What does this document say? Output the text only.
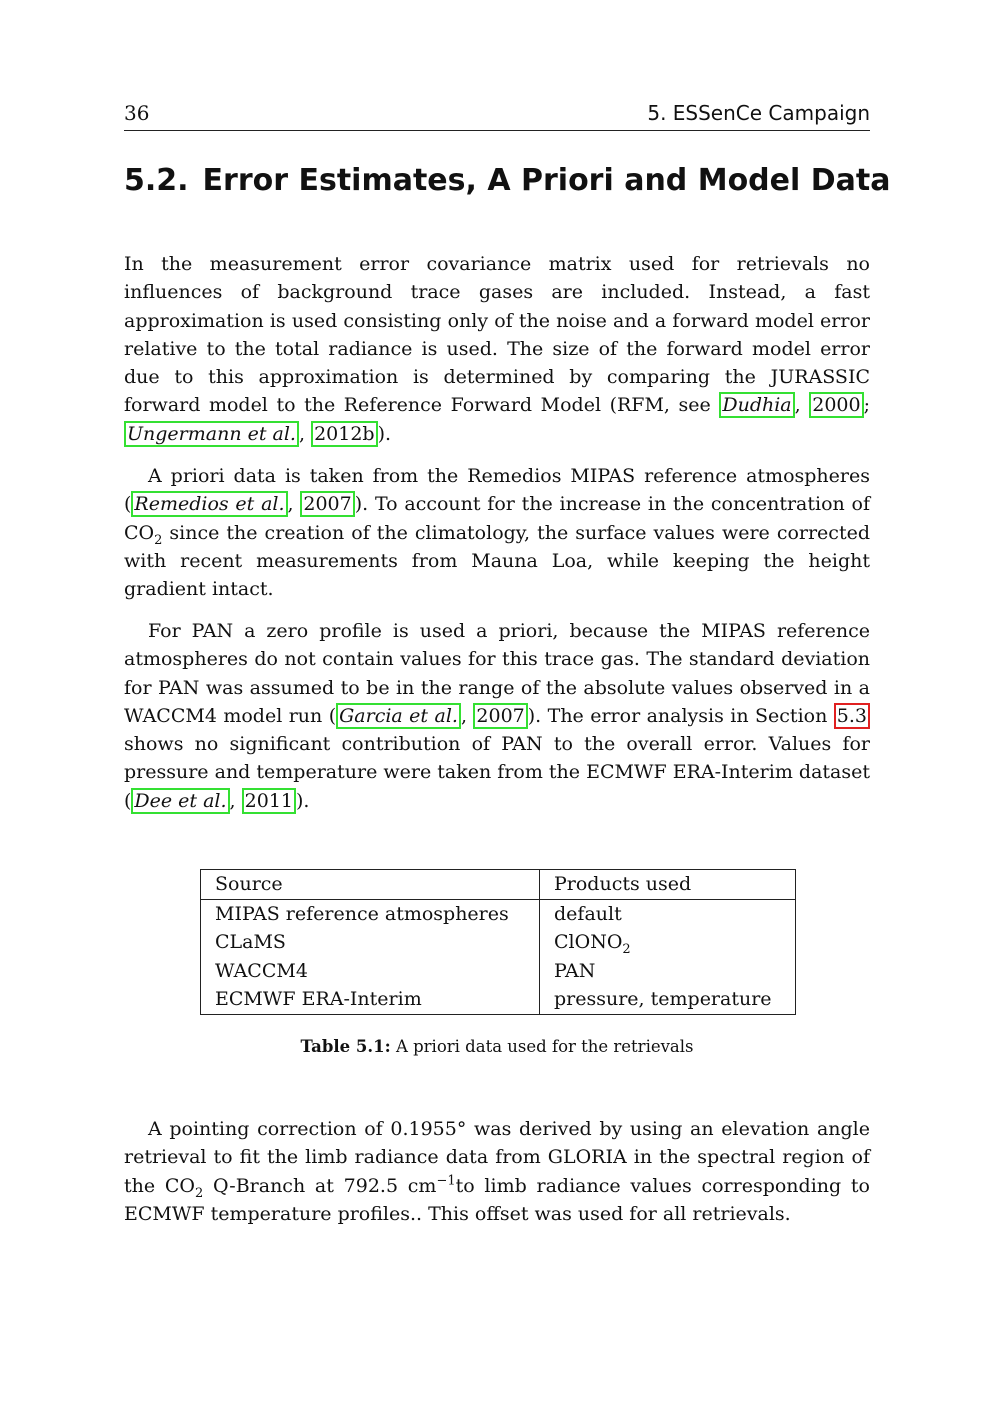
36	5. ESSenCe Campaign
5.2. Error Estimates, A Priori and Model Data

In the measurement error covariance matrix used for retrievals no influences of background trace gases are included. Instead, a fast approximation is used consisting only of the noise and a forward model error relative to the total radiance is used. The size of the forward model error due to this approximation is determined by comparing the JURASSIC forward model to the Reference Forward Model (RFM, see Dudhia , 2000 ; Ungermann et al. , 2012b ).

A priori data is taken from the Remedios MIPAS reference atmospheres ( Remedios et al. , 2007 ). To account for the increase in the concentration of $CO_2$ since the creation of the climatology, the surface values were corrected with recent measurements from Mauna Loa, while keeping the height gradient intact.

For PAN a zero profile is used a priori, because the MIPAS reference atmospheres do not contain values for this trace gas. The standard deviation for PAN was assumed to be in the range of the absolute values observed in a WACCM4 model run ( Garcia et al. , 2007 ). The error analysis in Section 5.3 shows no significant contribution of PAN to the overall error. Values for pressure and temperature were taken from the ECMWF ERA-Interim dataset ( Dee et al. , 2011 ).

Source	Products used
MIPAS reference atmospheres	default
CLaMS	ClONO$_2$
WACCM4	PAN
ECMWF ERA-Interim	pressure, temperature
Table 5.1: A priori data used for the retrievals

A pointing correction of 0.1955° was derived by using an elevation angle retrieval to fit the limb radiance data from GLORIA in the spectral region of the $CO_2$ Q-Branch at 792.5 $cm^{-1}to$ limb radiance values corresponding to ECMWF temperature profiles.. This offset was used for all retrievals.
